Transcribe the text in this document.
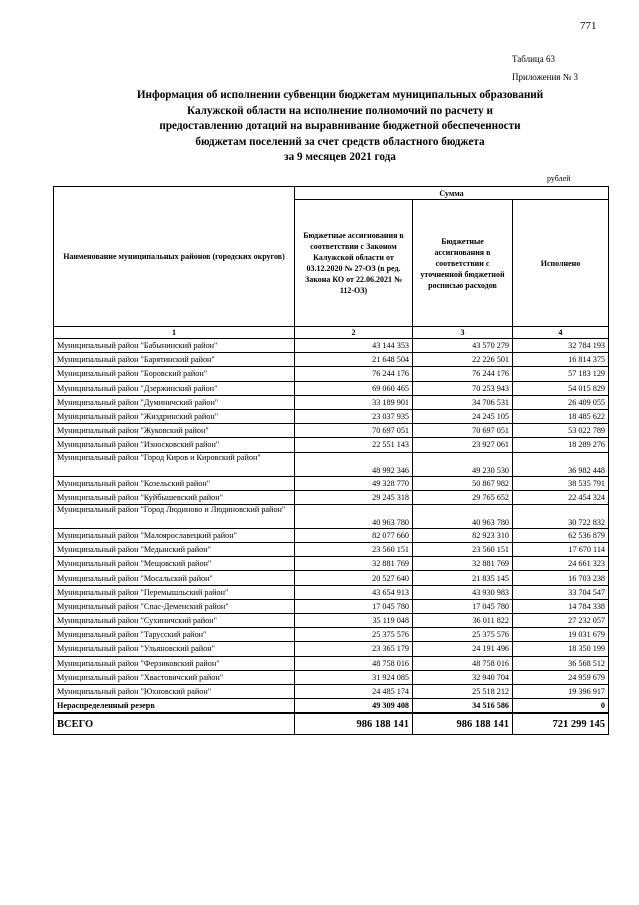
771
Таблица 63
Приложения № 3
Информация об исполнении субвенции бюджетам муниципальных образований
Калужской области на исполнение полномочий по расчету и
предоставлению дотаций на выравнивание бюджетной обеспеченности
бюджетам поселений за счет средств областного бюджета
за 9 месяцев 2021 года
рублей
Наименование муниципальных районов (городских округов)	Сумма		
	Бюджетные ассигнования в соответствии с Законом Калужской области от 03.12.2020 № 27-ОЗ (в ред. Закона КО от 22.06.2021 № 112-ОЗ)	Бюджетные ассигнования в соответствии с уточненной бюджетной росписью расходов	Исполнено
1	2	3	4
Муниципальный район "Бабынинский район"	43 144 353	43 570 279	32 784 193
Муниципальный район "Барятинский район"	21 648 504	22 226 501	16 814 375
Муниципальный район "Боровский район"	76 244 176	76 244 176	57 183 129
Муниципальный район "Дзержинский район"	69 060 465	70 253 943	54 015 829
Муниципальный район "Думиничский район"	33 189 901	34 706 531	26 409 055
Муниципальный район "Жиздринский район"	23 037 935	24 245 105	18 485 622
Муниципальный район "Жуковский район"	70 697 051	70 697 051	53 022 789
Муниципальный район "Износковский район"	22 551 143	23 927 061	18 289 276
Муниципальный район "Город Киров и Кировский район"	48 992 346	49 230 530	36 982 448
Муниципальный район "Козельский район"	49 328 770	50 867 982	38 535 791
Муниципальный район "Куйбышевский район"	29 245 318	29 765 652	22 454 324
Муниципальный район "Город Людиново и Людиновский район"	40 963 780	40 963 780	30 722 832
Муниципальный район "Малоярославецкий район"	82 077 660	82 923 310	62 536 879
Муниципальный район "Медынский район"	23 560 151	23 560 151	17 670 114
Муниципальный район "Мещовский район"	32 881 769	32 881 769	24 661 323
Муниципальный район "Мосальский район"	20 527 640	21 835 145	16 703 238
Муниципальный район "Перемышльский район"	43 654 913	43 930 983	33 704 547
Муниципальный район "Спас-Деменский район"	17 045 780	17 045 780	14 784 338
Муниципальный район "Сухиничский район"	35 119 048	36 011 822	27 232 057
Муниципальный район "Тарусский район"	25 375 576	25 375 576	19 031 679
Муниципальный район "Ульяновский район"	23 365 179	24 191 496	18 350 199
Муниципальный район "Ферзиковский район"	48 758 016	48 758 016	36 568 512
Муниципальный район "Хвастовичский район"	31 924 085	32 940 704	24 959 679
Муниципальный район "Юхновский район"	24 485 174	25 518 212	19 396 917
Нераспределенный резерв	49 309 408	34 516 586	0
ВСЕГО	986 188 141	986 188 141	721 299 145
